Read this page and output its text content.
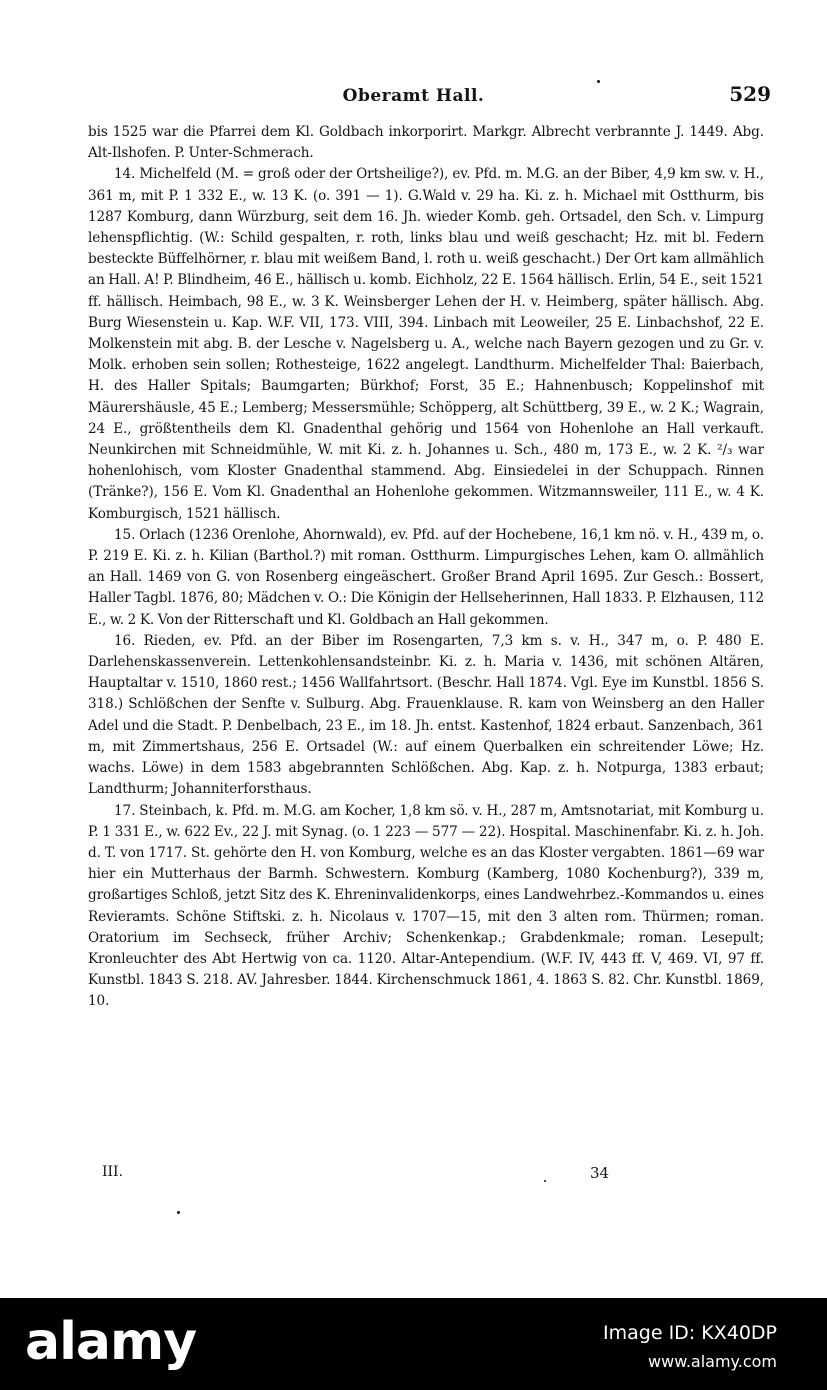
Oberamt Hall.	529

bis 1525 war die Pfarrei dem Kl. Goldbach inkorporirt. Markgr. Albrecht verbrannte J. 1449. Abg. Alt-Ilshofen. P. Unter-Schmerach.

14. Michelfeld (M. = groß oder der Ortsheilige?), ev. Pfd. m. M.G. an der Biber, 4,9 km sw. v. H., 361 m, mit P. 1 332 E., w. 13 K. (o. 391 — 1). G.Wald v. 29 ha. Ki. z. h. Michael mit Ostthurm, bis 1287 Komburg, dann Würzburg, seit dem 16. Jh. wieder Komb. geh. Ortsadel, den Sch. v. Limpurg lehenspflichtig. (W.: Schild gespalten, r. roth, links blau und weiß geschacht; Hz. mit bl. Federn besteckte Büffelhörner, r. blau mit weißem Band, l. roth u. weiß geschacht.) Der Ort kam allmählich an Hall. A! P. Blindheim, 46 E., hällisch u. komb. Eichholz, 22 E. 1564 hällisch. Erlin, 54 E., seit 1521 ff. hällisch. Heimbach, 98 E., w. 3 K. Weinsberger Lehen der H. v. Heimberg, später hällisch. Abg. Burg Wiesenstein u. Kap. W.F. VII, 173. VIII, 394. Linbach mit Leoweiler, 25 E. Linbachshof, 22 E. Molkenstein mit abg. B. der Lesche v. Nagelsberg u. A., welche nach Bayern gezogen und zu Gr. v. Molk. erhoben sein sollen; Rothesteige, 1622 angelegt. Landthurm. Michelfelder Thal: Baierbach, H. des Haller Spitals; Baumgarten; Bürkhof; Forst, 35 E.; Hahnenbusch; Koppelinshof mit Mäurershäusle, 45 E.; Lemberg; Messersmühle; Schöpperg, alt Schüttberg, 39 E., w. 2 K.; Wagrain, 24 E., größtentheils dem Kl. Gnadenthal gehörig und 1564 von Hohenlohe an Hall verkauft. Neunkirchen mit Schneidmühle, W. mit Ki. z. h. Johannes u. Sch., 480 m, 173 E., w. 2 K. ²/₃ war hohenlohisch, vom Kloster Gnadenthal stammend. Abg. Einsiedelei in der Schuppach. Rinnen (Tränke?), 156 E. Vom Kl. Gnadenthal an Hohenlohe gekommen. Witzmannsweiler, 111 E., w. 4 K. Komburgisch, 1521 hällisch.

15. Orlach (1236 Orenlohe, Ahornwald), ev. Pfd. auf der Hochebene, 16,1 km nö. v. H., 439 m, o. P. 219 E. Ki. z. h. Kilian (Barthol.?) mit roman. Ostthurm. Limpurgisches Lehen, kam O. allmählich an Hall. 1469 von G. von Rosenberg eingeäschert. Großer Brand April 1695. Zur Gesch.: Bossert, Haller Tagbl. 1876, 80; Mädchen v. O.: Die Königin der Hellseherinnen, Hall 1833. P. Elzhausen, 112 E., w. 2 K. Von der Ritterschaft und Kl. Goldbach an Hall gekommen.

16. Rieden, ev. Pfd. an der Biber im Rosengarten, 7,3 km s. v. H., 347 m, o. P. 480 E. Darlehenskassenverein. Lettenkohlensandsteinbr. Ki. z. h. Maria v. 1436, mit schönen Altären, Hauptaltar v. 1510, 1860 rest.; 1456 Wallfahrtsort. (Beschr. Hall 1874. Vgl. Eye im Kunstbl. 1856 S. 318.) Schlößchen der Senfte v. Sulburg. Abg. Frauenklause. R. kam von Weinsberg an den Haller Adel und die Stadt. P. Denbelbach, 23 E., im 18. Jh. entst. Kastenhof, 1824 erbaut. Sanzenbach, 361 m, mit Zimmertshaus, 256 E. Ortsadel (W.: auf einem Querbalken ein schreitender Löwe; Hz. wachs. Löwe) in dem 1583 abgebrannten Schlößchen. Abg. Kap. z. h. Notpurga, 1383 erbaut; Landthurm; Johanniterforsthaus.

17. Steinbach, k. Pfd. m. M.G. am Kocher, 1,8 km sö. v. H., 287 m, Amtsnotariat, mit Komburg u. P. 1 331 E., w. 622 Ev., 22 J. mit Synag. (o. 1 223 — 577 — 22). Hospital. Maschinenfabr. Ki. z. h. Joh. d. T. von 1717. St. gehörte den H. von Komburg, welche es an das Kloster vergabten. 1861—69 war hier ein Mutterhaus der Barmh. Schwestern. Komburg (Kamberg, 1080 Kochenburg?), 339 m, großartiges Schloß, jetzt Sitz des K. Ehreninvalidenkorps, eines Landwehrbez.-Kommandos u. eines Revieramts. Schöne Stiftski. z. h. Nicolaus v. 1707—15, mit den 3 alten rom. Thürmen; roman. Oratorium im Sechseck, früher Archiv; Schenkenkap.; Grabdenkmale; roman. Lesepult; Kronleuchter des Abt Hertwig von ca. 1120. Altar-Antependium. (W.F. IV, 443 ff. V, 469. VI, 97 ff. Kunstbl. 1843 S. 218. AV. Jahresber. 1844. Kirchenschmuck 1861, 4. 1863 S. 82. Chr. Kunstbl. 1869, 10.

III.	34
alamy	Image ID: KX40DP
www.alamy.com
